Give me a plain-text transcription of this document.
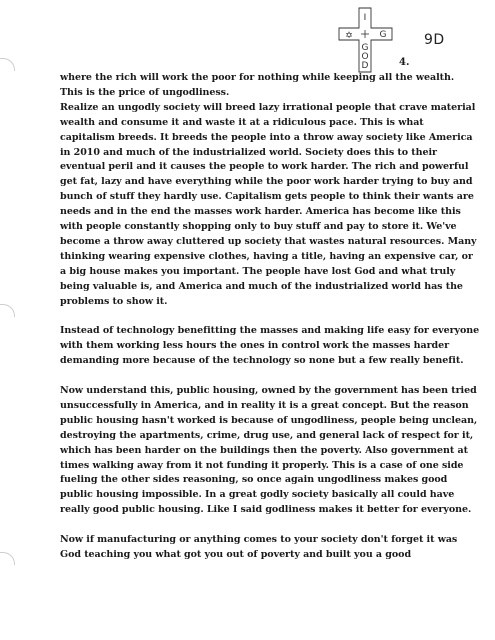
I
G
✡
G
O
D
9D
4.

where the rich will work the poor for nothing while keeping all the wealth. This is the price of ungodliness.

Realize an ungodly society will breed lazy irrational people that crave material wealth and consume it and waste it at a ridiculous pace. This is what capitalism breeds. It breeds the people into a throw away society like America in 2010 and much of the industrialized world. Society does this to their eventual peril and it causes the people to work harder. The rich and powerful get fat, lazy and have everything while the poor work harder trying to buy and bunch of stuff they hardly use. Capitalism gets people to think their wants are needs and in the end the masses work harder. America has become like this with people constantly shopping only to buy stuff and pay to store it. We've become a throw away cluttered up society that wastes natural resources. Many thinking wearing expensive clothes, having a title, having an expensive car, or a big house makes you important. The people have lost God and what truly being valuable is, and America and much of the industrialized world has the problems to show it.

Instead of technology benefitting the masses and making life easy for everyone with them working less hours the ones in control work the masses harder demanding more because of the technology so none but a few really benefit.

Now understand this, public housing, owned by the government has been tried unsuccessfully in America, and in reality it is a great concept. But the reason public housing hasn't worked is because of ungodliness, people being unclean, destroying the apartments, crime, drug use, and general lack of respect for it, which has been harder on the buildings then the poverty. Also government at times walking away from it not funding it properly. This is a case of one side fueling the other sides reasoning, so once again ungodliness makes good public housing impossible. In a great godly society basically all could have really good public housing. Like I said godliness makes it better for everyone.

Now if manufacturing or anything comes to your society don't forget it was God teaching you what got you out of poverty and built you a good
